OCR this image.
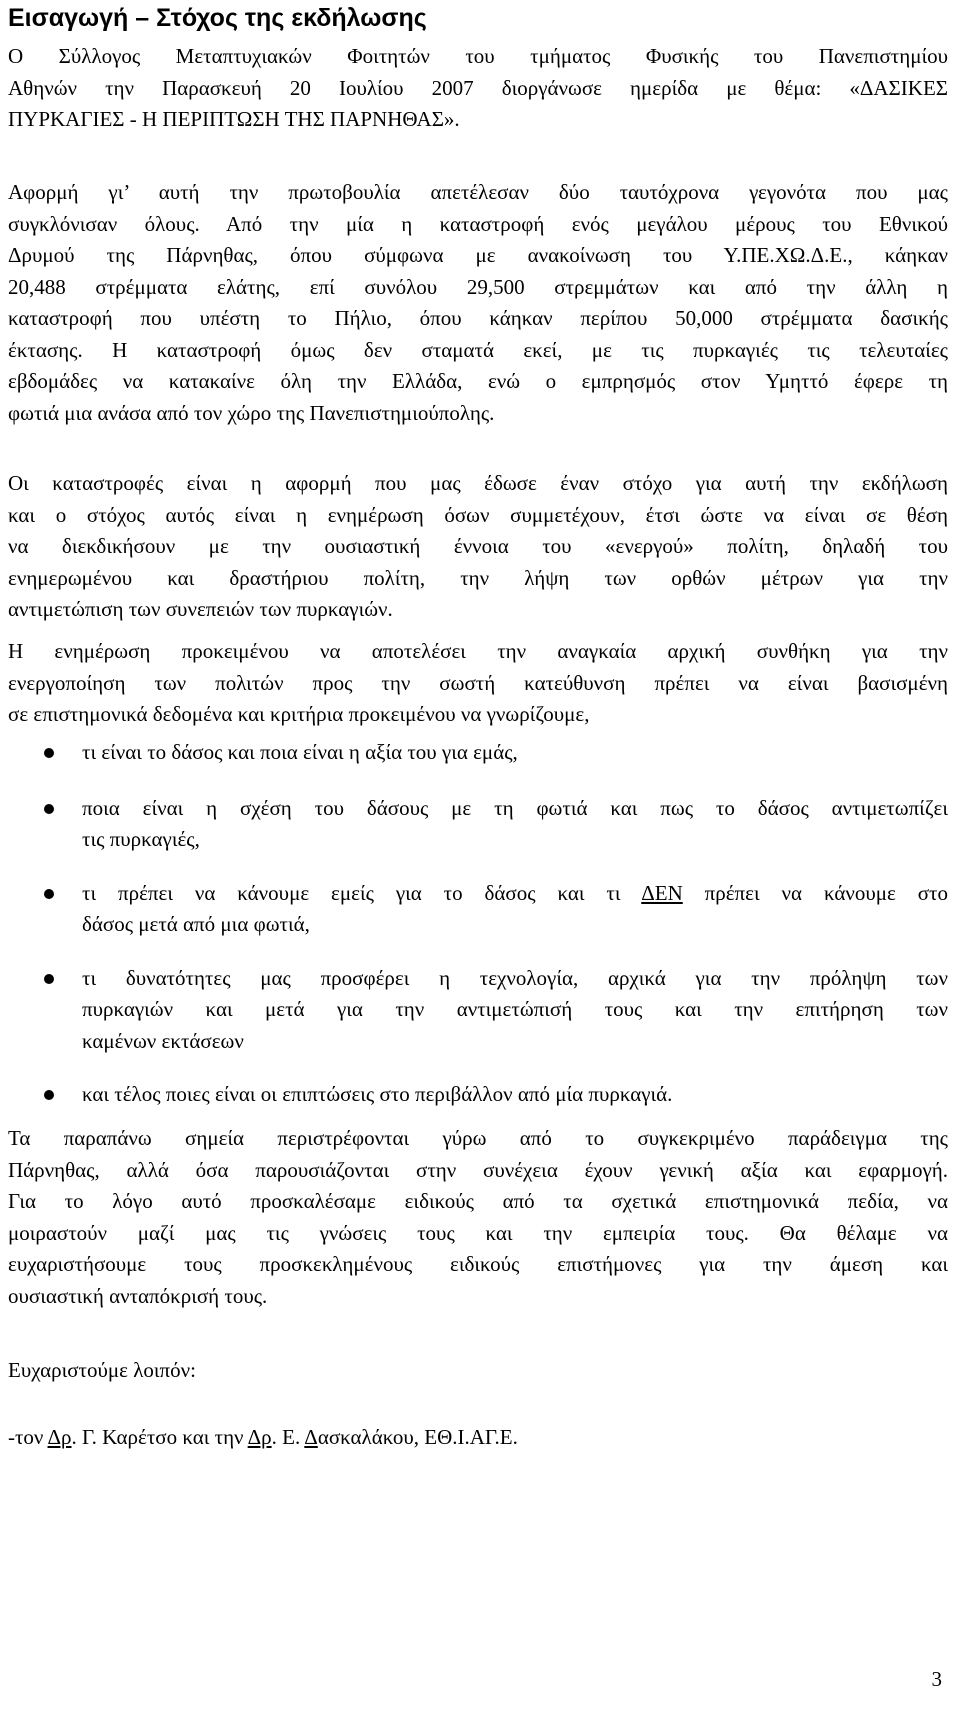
Εισαγωγή – Στόχος της εκδήλωσης

Ο Σύλλογος Μεταπτυχιακών Φοιτητών του τμήματος Φυσικής του Πανεπιστημίου
Αθηνών την Παρασκευή 20 Ιουλίου 2007 διοργάνωσε ημερίδα με θέμα: «ΔΑΣΙΚΕΣ
ΠΥΡΚΑΓΙΕΣ - Η ΠΕΡΙΠΤΩΣΗ ΤΗΣ ΠΑΡΝΗΘΑΣ».

Αφορμή γι’ αυτή την πρωτοβουλία απετέλεσαν δύο ταυτόχρονα γεγονότα που μας
συγκλόνισαν όλους. Από την μία η καταστροφή ενός μεγάλου μέρους του Εθνικού
Δρυμού της Πάρνηθας, όπου σύμφωνα με ανακοίνωση του Υ.ΠΕ.ΧΩ.Δ.Ε., κάηκαν
20,488 στρέμματα ελάτης, επί συνόλου 29,500 στρεμμάτων και από την άλλη η
καταστροφή που υπέστη το Πήλιο, όπου κάηκαν περίπου 50,000 στρέμματα δασικής
έκτασης. Η καταστροφή όμως δεν σταματά εκεί, με τις πυρκαγιές τις τελευταίες
εβδομάδες να κατακαίνε όλη την Ελλάδα, ενώ ο εμπρησμός στον Υμηττό έφερε τη
φωτιά μια ανάσα από τον χώρο της Πανεπιστημιούπολης.

Οι καταστροφές είναι η αφορμή που μας έδωσε έναν στόχο για αυτή την εκδήλωση
και ο στόχος αυτός είναι η ενημέρωση όσων συμμετέχουν, έτσι ώστε να είναι σε θέση
να διεκδικήσουν με την ουσιαστική έννοια του «ενεργού» πολίτη, δηλαδή του
ενημερωμένου και δραστήριου πολίτη, την λήψη των ορθών μέτρων για την
αντιμετώπιση των συνεπειών των πυρκαγιών.

Η ενημέρωση προκειμένου να αποτελέσει την αναγκαία αρχική συνθήκη για την
ενεργοποίηση των πολιτών προς την σωστή κατεύθυνση πρέπει να είναι βασισμένη
σε επιστημονικά δεδομένα και κριτήρια προκειμένου να γνωρίζουμε,

τι είναι το δάσος και ποια είναι η αξία του για εμάς,
ποια είναι η σχέση του δάσους με τη φωτιά και πως το δάσος αντιμετωπίζει
τις πυρκαγιές,
τι πρέπει να κάνουμε εμείς για το δάσος και τι ΔΕΝ πρέπει να κάνουμε στο
δάσος μετά από μια φωτιά,
τι δυνατότητες μας προσφέρει η τεχνολογία, αρχικά για την πρόληψη των
πυρκαγιών και μετά για την αντιμετώπισή τους και την επιτήρηση των
καμένων εκτάσεων
και τέλος ποιες είναι οι επιπτώσεις στο περιβάλλον από μία πυρκαγιά.

Τα παραπάνω σημεία περιστρέφονται γύρω από το συγκεκριμένο παράδειγμα της
Πάρνηθας, αλλά όσα παρουσιάζονται στην συνέχεια έχουν γενική αξία και εφαρμογή.
Για το λόγο αυτό προσκαλέσαμε ειδικούς από τα σχετικά επιστημονικά πεδία, να
μοιραστούν μαζί μας τις γνώσεις τους και την εμπειρία τους. Θα θέλαμε να
ευχαριστήσουμε τους προσκεκλημένους ειδικούς επιστήμονες για την άμεση και
ουσιαστική ανταπόκρισή τους.

Ευχαριστούμε λοιπόν:

-τον Δρ. Γ. Καρέτσο και την Δρ. Ε. Δασκαλάκου, ΕΘ.Ι.ΑΓ.Ε.

3
